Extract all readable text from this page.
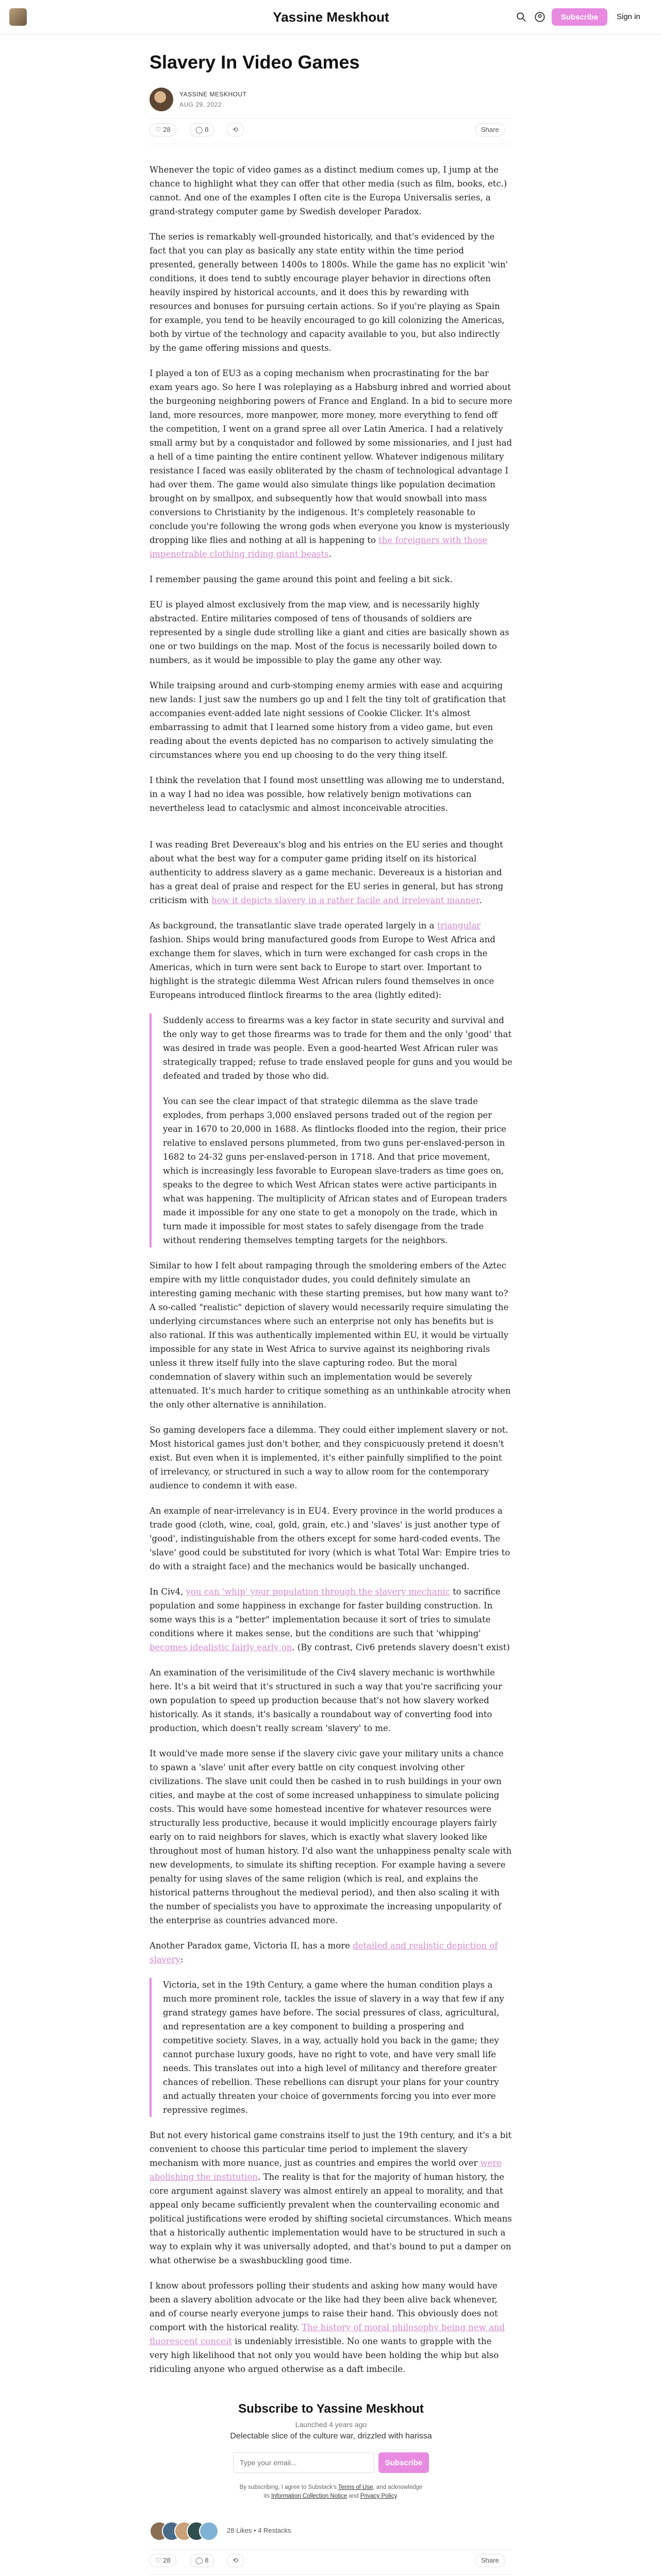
Yassine Meskhout	Subscribe	Sign in
Slavery In Video Games
YASSINE MESKHOUT
AUG 29, 2022
♡ 28	◯ 8	⟲	Share

Whenever the topic of video games as a distinct medium comes up, I jump at the chance to highlight what they can offer that other media (such as film, books, etc.) cannot. And one of the examples I often cite is the Europa Universalis series, a grand-strategy computer game by Swedish developer Paradox.

The series is remarkably well-grounded historically, and that's evidenced by the fact that you can play as basically any state entity within the time period presented, generally between 1400s to 1800s. While the game has no explicit 'win' conditions, it does tend to subtly encourage player behavior in directions often heavily inspired by historical accounts, and it does this by rewarding with resources and bonuses for pursuing certain actions. So if you're playing as Spain for example, you tend to be heavily encouraged to go kill colonizing the Americas, both by virtue of the technology and capacity available to you, but also indirectly by the game offering missions and quests.

I played a ton of EU3 as a coping mechanism when procrastinating for the bar exam years ago. So here I was roleplaying as a Habsburg inbred and worried about the burgeoning neighboring powers of France and England. In a bid to secure more land, more resources, more manpower, more money, more everything to fend off the competition, I went on a grand spree all over Latin America. I had a relatively small army but by a conquistador and followed by some missionaries, and I just had a hell of a time painting the entire continent yellow. Whatever indigenous military resistance I faced was easily obliterated by the chasm of technological advantage I had over them. The game would also simulate things like population decimation brought on by smallpox, and subsequently how that would snowball into mass conversions to Christianity by the indigenous. It's completely reasonable to conclude you're following the wrong gods when everyone you know is mysteriously dropping like flies and nothing at all is happening to the foreigners with those impenetrable clothing riding giant beasts.

I remember pausing the game around this point and feeling a bit sick.

EU is played almost exclusively from the map view, and is necessarily highly abstracted. Entire militaries composed of tens of thousands of soldiers are represented by a single dude strolling like a giant and cities are basically shown as one or two buildings on the map. Most of the focus is necessarily boiled down to numbers, as it would be impossible to play the game any other way.

While traipsing around and curb-stomping enemy armies with ease and acquiring new lands: I just saw the numbers go up and I felt the tiny tolt of gratification that accompanies event-added late night sessions of Cookie Clicker. It's almost embarrassing to admit that I learned some history from a video game, but even reading about the events depicted has no comparison to actively simulating the circumstances where you end up choosing to do the very thing itself.

I think the revelation that I found most unsettling was allowing me to understand, in a way I had no idea was possible, how relatively benign motivations can nevertheless lead to cataclysmic and almost inconceivable atrocities.

I was reading Bret Devereaux's blog and his entries on the EU series and thought about what the best way for a computer game priding itself on its historical authenticity to address slavery as a game mechanic. Devereaux is a historian and has a great deal of praise and respect for the EU series in general, but has strong criticism with how it depicts slavery in a rather facile and irrelevant manner.

As background, the transatlantic slave trade operated largely in a triangular fashion. Ships would bring manufactured goods from Europe to West Africa and exchange them for slaves, which in turn were exchanged for cash crops in the Americas, which in turn were sent back to Europe to start over. Important to highlight is the strategic dilemma West African rulers found themselves in once Europeans introduced flintlock firearms to the area (lightly edited):

Suddenly access to firearms was a key factor in state security and survival and the only way to get those firearms was to trade for them and the only 'good' that was desired in trade was people. Even a good-hearted West African ruler was strategically trapped; refuse to trade enslaved people for guns and you would be defeated and traded by those who did.

You can see the clear impact of that strategic dilemma as the slave trade explodes, from perhaps 3,000 enslaved persons traded out of the region per year in 1670 to 20,000 in 1688. As flintlocks flooded into the region, their price relative to enslaved persons plummeted, from two guns per-enslaved-person in 1682 to 24-32 guns per-enslaved-person in 1718. And that price movement, which is increasingly less favorable to European slave-traders as time goes on, speaks to the degree to which West African states were active participants in what was happening. The multiplicity of African states and of European traders made it impossible for any one state to get a monopoly on the trade, which in turn made it impossible for most states to safely disengage from the trade without rendering themselves tempting targets for the neighbors.

Similar to how I felt about rampaging through the smoldering embers of the Aztec empire with my little conquistador dudes, you could definitely simulate an interesting gaming mechanic with these starting premises, but how many want to? A so-called "realistic" depiction of slavery would necessarily require simulating the underlying circumstances where such an enterprise not only has benefits but is also rational. If this was authentically implemented within EU, it would be virtually impossible for any state in West Africa to survive against its neighboring rivals unless it threw itself fully into the slave capturing rodeo. But the moral condemnation of slavery within such an implementation would be severely attenuated. It's much harder to critique something as an unthinkable atrocity when the only other alternative is annihilation.

So gaming developers face a dilemma. They could either implement slavery or not. Most historical games just don't bother, and they conspicuously pretend it doesn't exist. But even when it is implemented, it's either painfully simplified to the point of irrelevancy, or structured in such a way to allow room for the contemporary audience to condemn it with ease.

An example of near-irrelevancy is in EU4. Every province in the world produces a trade good (cloth, wine, coal, gold, grain, etc.) and 'slaves' is just another type of 'good', indistinguishable from the others except for some hard-coded events. The 'slave' good could be substituted for ivory (which is what Total War: Empire tries to do with a straight face) and the mechanics would be basically unchanged.

In Civ4, you can 'whip' your population through the slavery mechanic to sacrifice population and some happiness in exchange for faster building construction. In some ways this is a "better" implementation because it sort of tries to simulate conditions where it makes sense, but the conditions are such that 'whipping' becomes idealistic fairly early on. (By contrast, Civ6 pretends slavery doesn't exist)

An examination of the verisimilitude of the Civ4 slavery mechanic is worthwhile here. It's a bit weird that it's structured in such a way that you're sacrificing your own population to speed up production because that's not how slavery worked historically. As it stands, it's basically a roundabout way of converting food into production, which doesn't really scream 'slavery' to me.

It would've made more sense if the slavery civic gave your military units a chance to spawn a 'slave' unit after every battle on city conquest involving other civilizations. The slave unit could then be cashed in to rush buildings in your own cities, and maybe at the cost of some increased unhappiness to simulate policing costs. This would have some homestead incentive for whatever resources were structurally less productive, because it would implicitly encourage players fairly early on to raid neighbors for slaves, which is exactly what slavery looked like throughout most of human history. I'd also want the unhappiness penalty scale with new developments, to simulate its shifting reception. For example having a severe penalty for using slaves of the same religion (which is real, and explains the historical patterns throughout the medieval period), and then also scaling it with the number of specialists you have to approximate the increasing unpopularity of the enterprise as countries advanced more.

Another Paradox game, Victoria II, has a more detailed and realistic depiction of slavery:

Victoria, set in the 19th Century, a game where the human condition plays a much more prominent role, tackles the issue of slavery in a way that few if any grand strategy games have before. The social pressures of class, agricultural, and representation are a key component to building a prospering and competitive society. Slaves, in a way, actually hold you back in the game; they cannot purchase luxury goods, have no right to vote, and have very small life needs. This translates out into a high level of militancy and therefore greater chances of rebellion. These rebellions can disrupt your plans for your country and actually threaten your choice of governments forcing you into ever more repressive regimes.

But not every historical game constrains itself to just the 19th century, and it's a bit convenient to choose this particular time period to implement the slavery mechanism with more nuance, just as countries and empires the world over were abolishing the institution. The reality is that for the majority of human history, the core argument against slavery was almost entirely an appeal to morality, and that appeal only became sufficiently prevalent when the countervailing economic and political justifications were eroded by shifting societal circumstances. Which means that a historically authentic implementation would have to be structured in such a way to explain why it was universally adopted, and that's bound to put a damper on what otherwise be a swashbuckling good time.

I know about professors polling their students and asking how many would have been a slavery abolition advocate or the like had they been alive back whenever, and of course nearly everyone jumps to raise their hand. This obviously does not comport with the historical reality. The history of moral philosophy being new and fluorescent conceit is undeniably irresistible. No one wants to grapple with the very high likelihood that not only you would have been holding the whip but also ridiculing anyone who argued otherwise as a daft imbecile.

Subscribe to Yassine Meskhout
Launched 4 years ago
Delectable slice of the culture war, drizzled with harissa
Type your email...
Subscribe
By subscribing, I agree to Substack's Terms of Use, and acknowledge its Information Collection Notice and Privacy Policy.
28 Likes • 4 Restacks
♡ 28	◯ 8	⟲	Share
